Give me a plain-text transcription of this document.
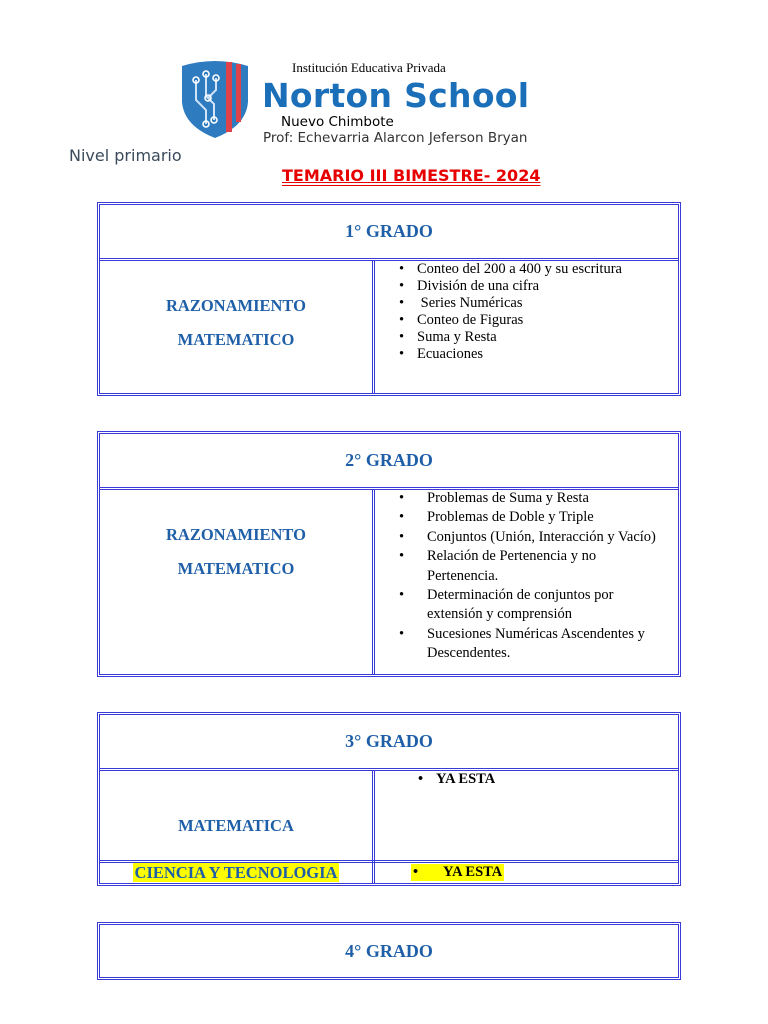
Institución Educativa Privada
Norton School
Nuevo Chimbote
Prof: Echevarria Alarcon Jeferson Bryan
Nivel primario
TEMARIO III BIMESTRE- 2024
1° GRADO
RAZONAMIENTO
MATEMATICO
• Conteo del 200 a 400 y su escritura
• División de una cifra
•  Series Numéricas
• Conteo de Figuras
• Suma y Resta
• Ecuaciones
2° GRADO
RAZONAMIENTO
MATEMATICO
• Problemas de Suma y Resta
• Problemas de Doble y Triple
• Conjuntos (Unión, Interacción y Vacío)
• Relación de Pertenencia y no Pertenencia.
• Determinación de conjuntos por extensión y comprensión
• Sucesiones Numéricas Ascendentes y Descendentes.
3° GRADO
MATEMATICA
• YA ESTA
CIENCIA Y TECNOLOGIA
•	YA ESTA
4° GRADO
